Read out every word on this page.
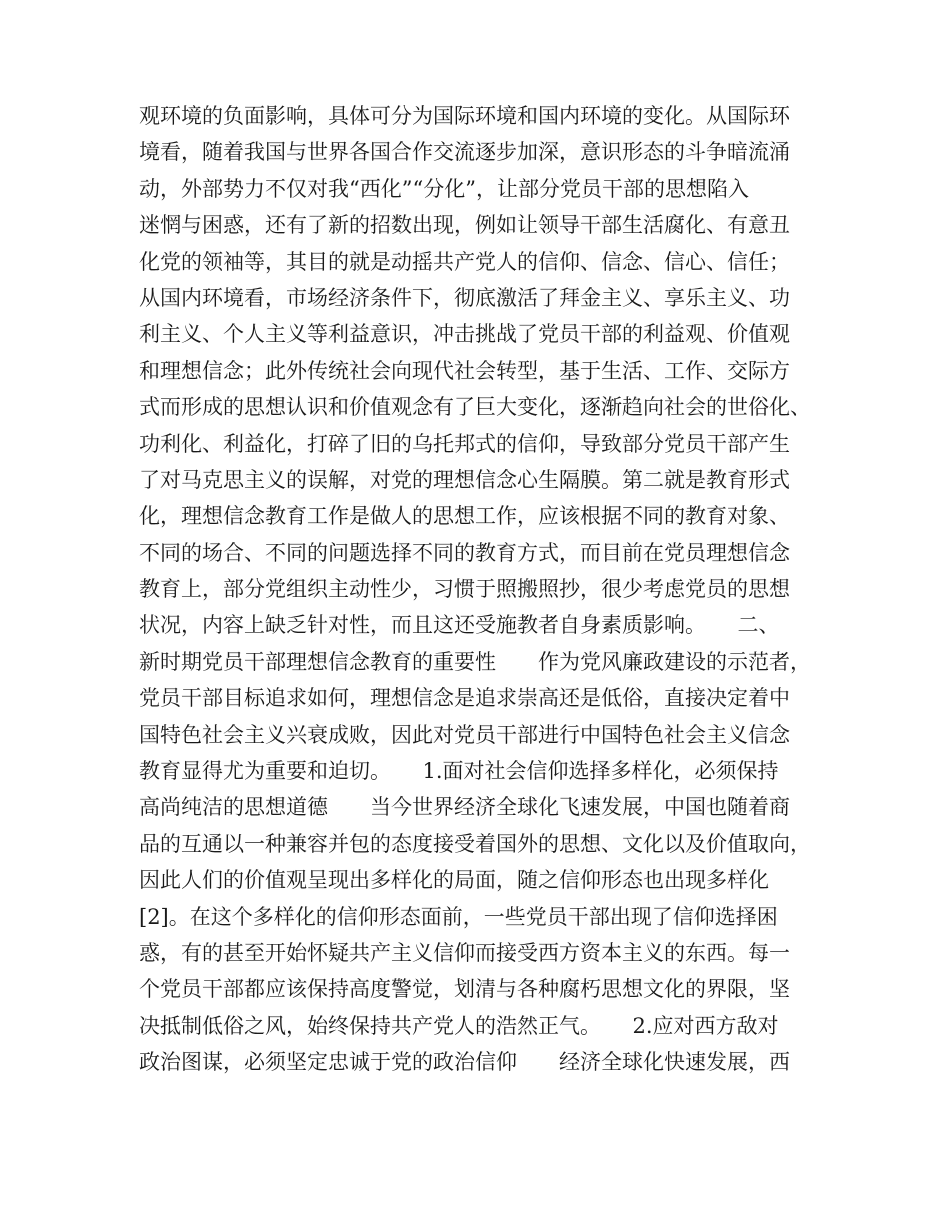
观环境的负面影响，具体可分为国际环境和国内环境的变化。从国际环
境看，随着我国与世界各国合作交流逐步加深，意识形态的斗争暗流涌
动，外部势力不仅对我“西化”“分化”，让部分党员干部的思想陷入
迷惘与困惑，还有了新的招数出现，例如让领导干部生活腐化、有意丑
化党的领袖等，其目的就是动摇共产党人的信仰、信念、信心、信任；
从国内环境看，市场经济条件下，彻底激活了拜金主义、享乐主义、功
利主义、个人主义等利益意识，冲击挑战了党员干部的利益观、价值观
和理想信念；此外传统社会向现代社会转型，基于生活、工作、交际方
式而形成的思想认识和价值观念有了巨大变化，逐渐趋向社会的世俗化、
功利化、利益化，打碎了旧的乌托邦式的信仰，导致部分党员干部产生
了对马克思主义的误解，对党的理想信念心生隔膜。第二就是教育形式
化，理想信念教育工作是做人的思想工作，应该根据不同的教育对象、
不同的场合、不同的问题选择不同的教育方式，而目前在党员理想信念
教育上，部分党组织主动性少，习惯于照搬照抄，很少考虑党员的思想
状况，内容上缺乏针对性，而且这还受施教者自身素质影响。　　二、
新时期党员干部理想信念教育的重要性　　作为党风廉政建设的示范者，
党员干部目标追求如何，理想信念是追求崇高还是低俗，直接决定着中
国特色社会主义兴衰成败，因此对党员干部进行中国特色社会主义信念
教育显得尤为重要和迫切。　　1.面对社会信仰选择多样化，必须保持
高尚纯洁的思想道德　　当今世界经济全球化飞速发展，中国也随着商
品的互通以一种兼容并包的态度接受着国外的思想、文化以及价值取向，
因此人们的价值观呈现出多样化的局面，随之信仰形态也出现多样化
[2]。在这个多样化的信仰形态面前，一些党员干部出现了信仰选择困
惑，有的甚至开始怀疑共产主义信仰而接受西方资本主义的东西。每一
个党员干部都应该保持高度警觉，划清与各种腐朽思想文化的界限，坚
决抵制低俗之风，始终保持共产党人的浩然正气。　　2.应对西方敌对
政治图谋，必须坚定忠诚于党的政治信仰　　经济全球化快速发展，西
